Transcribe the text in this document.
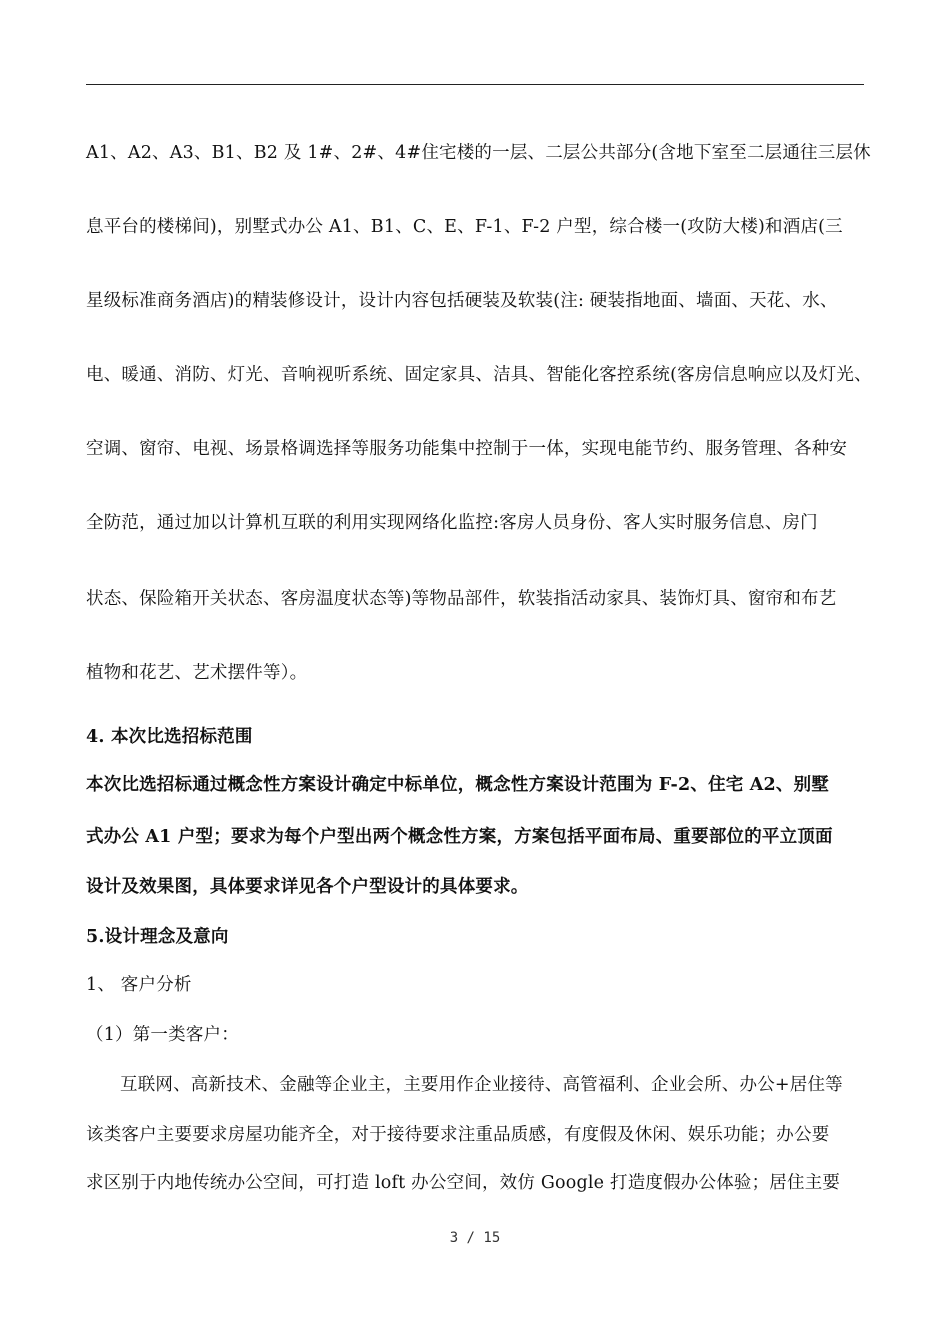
A1、A2、A3、B1、B2 及 1#、2#、4#住宅楼的一层、二层公共部分(含地下室至二层通往三层休
息平台的楼梯间)，别墅式办公 A1、B1、C、E、F-1、F-2 户型，综合楼一(攻防大楼)和酒店(三
星级标准商务酒店)的精装修设计，设计内容包括硬装及软装(注: 硬装指地面、墙面、天花、水、
电、暖通、消防、灯光、音响视听系统、固定家具、洁具、智能化客控系统(客房信息响应以及灯光、
空调、窗帘、电视、场景格调选择等服务功能集中控制于一体，实现电能节约、服务管理、各种安
全防范，通过加以计算机互联的利用实现网络化监控:客房人员身份、客人实时服务信息、房门
状态、保险箱开关状态、客房温度状态等)等物品部件，软装指活动家具、装饰灯具、窗帘和布艺
植物和花艺、艺术摆件等）。
4. 本次比选招标范围
本次比选招标通过概念性方案设计确定中标单位，概念性方案设计范围为 F-2、住宅 A2、别墅
式办公 A1 户型；要求为每个户型出两个概念性方案，方案包括平面布局、重要部位的平立顶面
设计及效果图，具体要求详见各个户型设计的具体要求。
5.设计理念及意向
1、 客户分析
（1）第一类客户：
互联网、高新技术、金融等企业主，主要用作企业接待、高管福利、企业会所、办公+居住等
该类客户主要要求房屋功能齐全，对于接待要求注重品质感，有度假及休闲、娱乐功能；办公要
求区别于内地传统办公空间，可打造 loft 办公空间，效仿 Google 打造度假办公体验；居住主要
3 / 15
